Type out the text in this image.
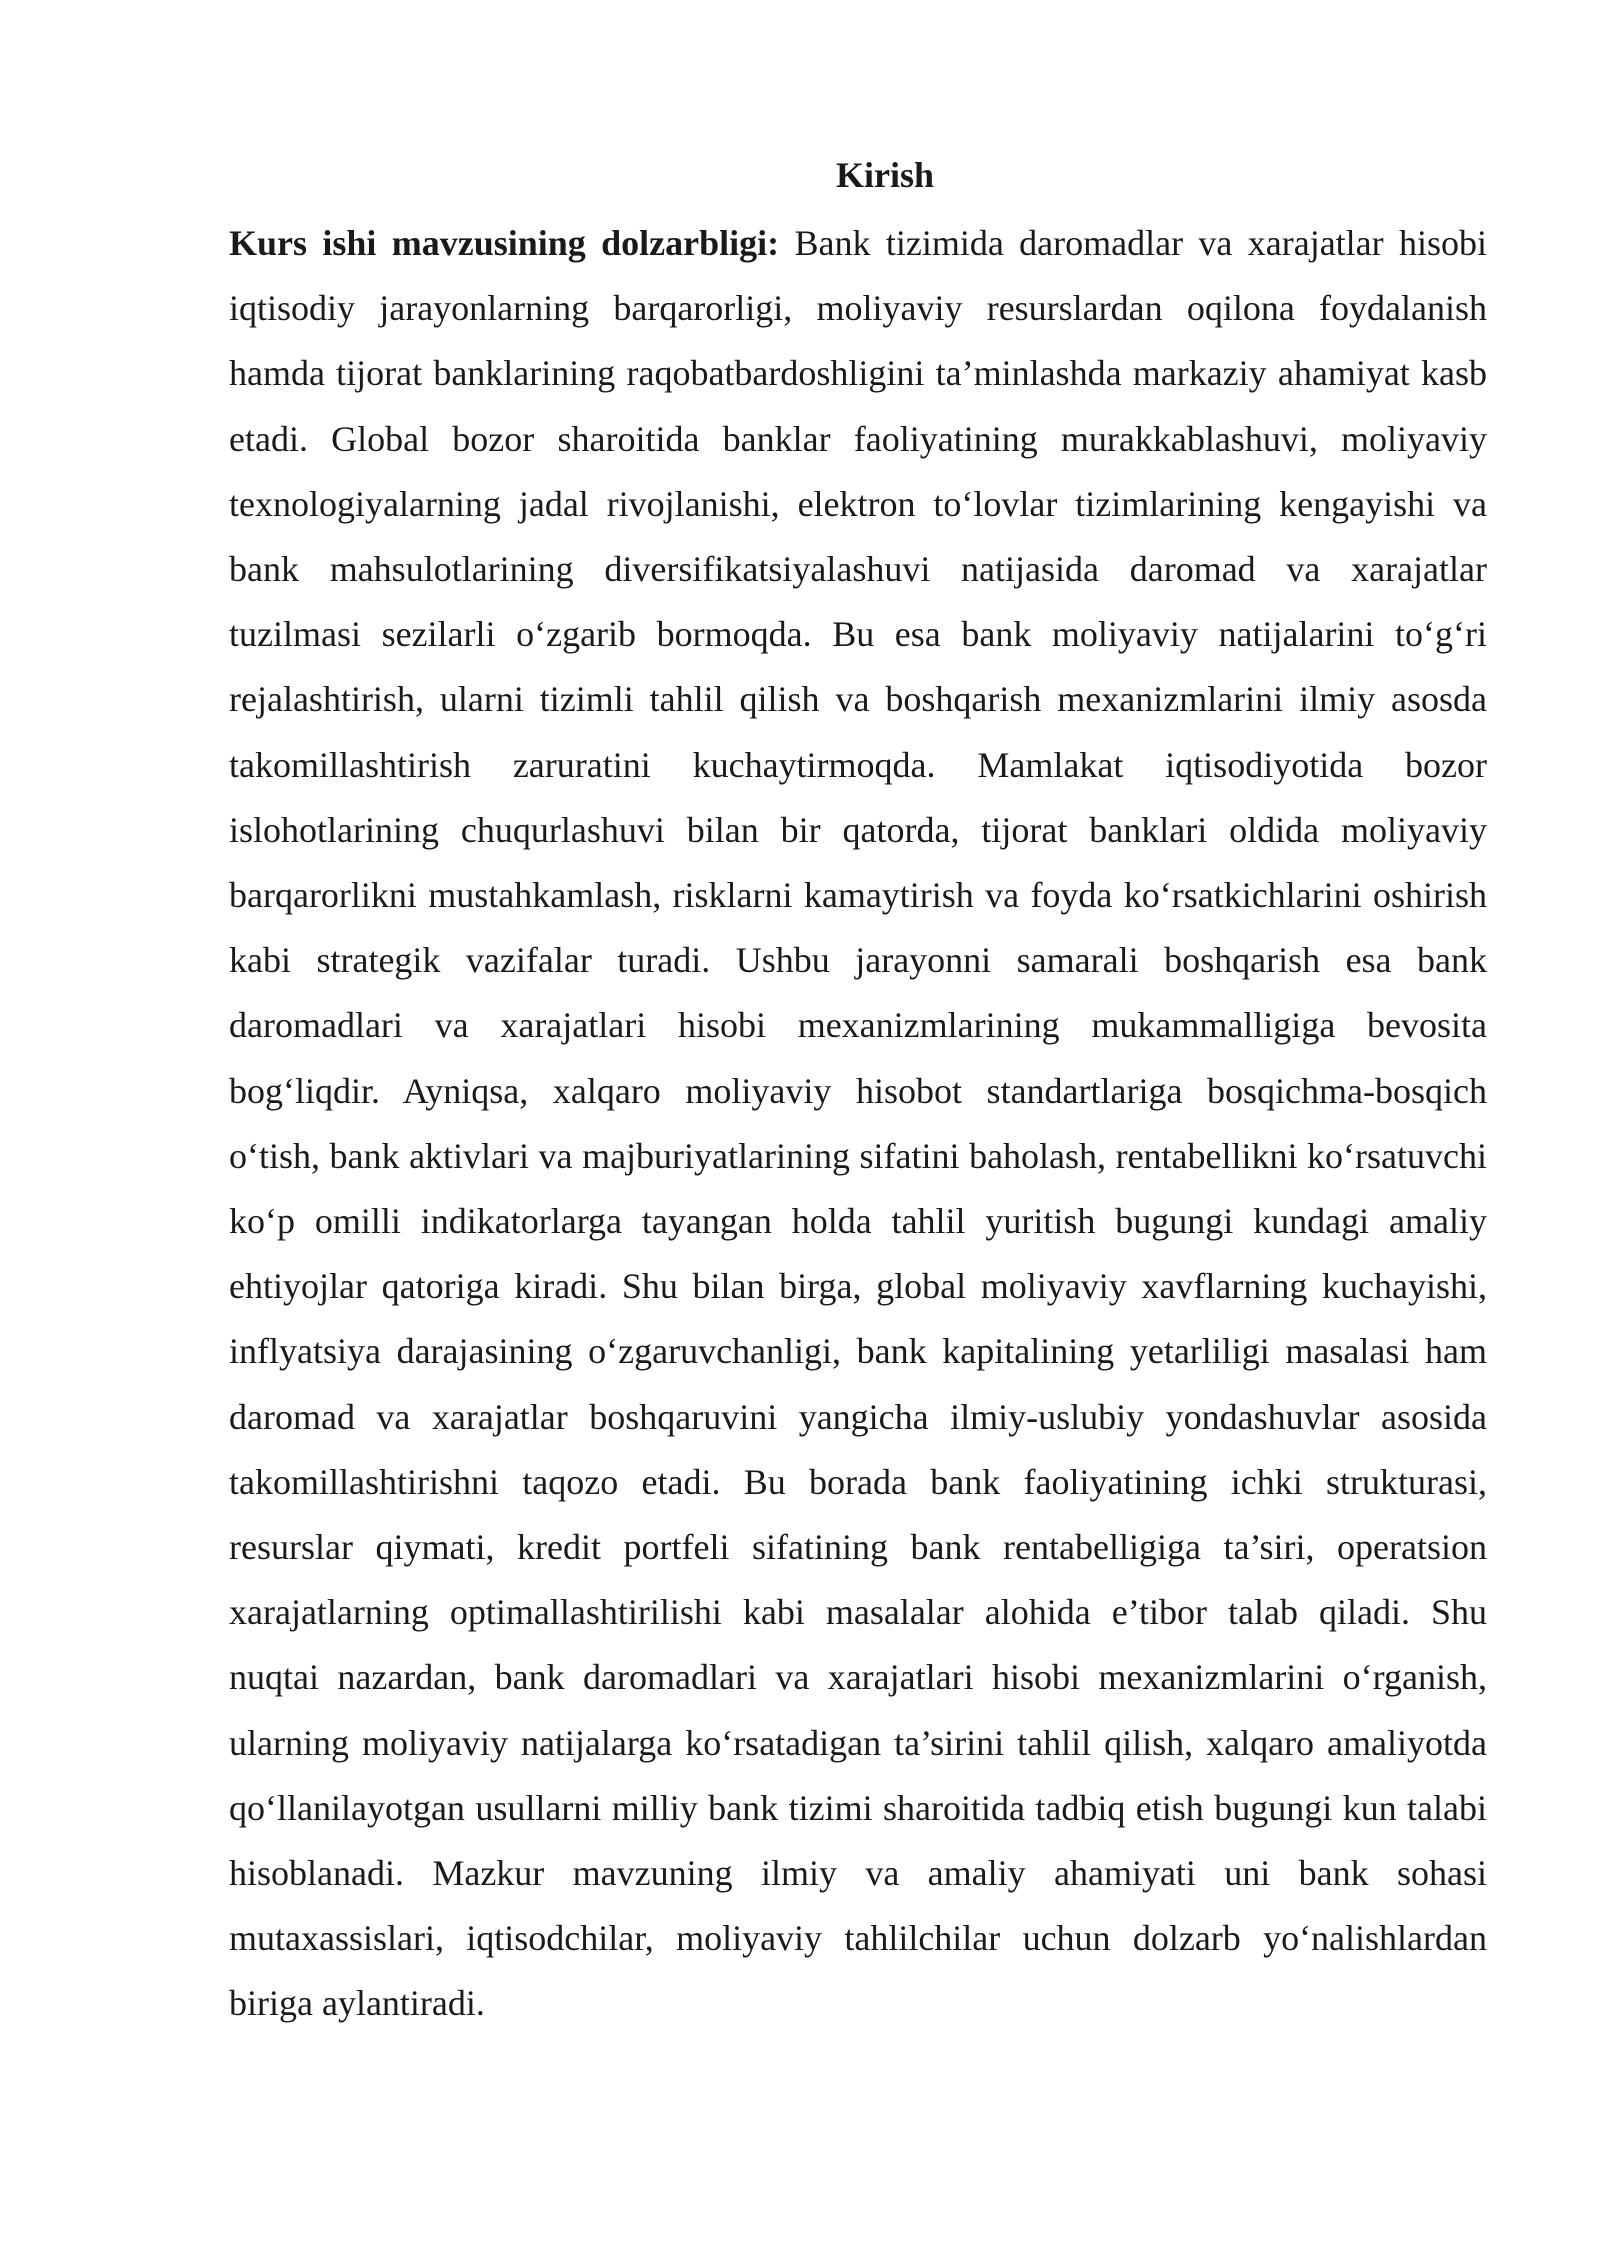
Kirish

Kurs ishi mavzusining dolzarbligi: Bank tizimida daromadlar va xarajatlar hisobi iqtisodiy jarayonlarning barqarorligi, moliyaviy resurslardan oqilona foydalanish hamda tijorat banklarining raqobatbardoshligini ta’minlashda markaziy ahamiyat kasb etadi. Global bozor sharoitida banklar faoliyatining murakkablashuvi, moliyaviy texnologiyalarning jadal rivojlanishi, elektron to‘lovlar tizimlarining kengayishi va bank mahsulotlarining diversifikatsiyalashuvi natijasida daromad va xarajatlar tuzilmasi sezilarli o‘zgarib bormoqda. Bu esa bank moliyaviy natijalarini to‘g‘ri rejalashtirish, ularni tizimli tahlil qilish va boshqarish mexanizmlarini ilmiy asosda takomillashtirish zaruratini kuchaytirmoqda. Mamlakat iqtisodiyotida bozor islohotlarining chuqurlashuvi bilan bir qatorda, tijorat banklari oldida moliyaviy barqarorlikni mustahkamlash, risklarni kamaytirish va foyda ko‘rsatkichlarini oshirish kabi strategik vazifalar turadi. Ushbu jarayonni samarali boshqarish esa bank daromadlari va xarajatlari hisobi mexanizmlarining mukammalligiga bevosita bog‘liqdir. Ayniqsa, xalqaro moliyaviy hisobot standartlariga bosqichma-bosqich o‘tish, bank aktivlari va majburiyatlarining sifatini baholash, rentabellikni ko‘rsatuvchi ko‘p omilli indikatorlarga tayangan holda tahlil yuritish bugungi kundagi amaliy ehtiyojlar qatoriga kiradi. Shu bilan birga, global moliyaviy xavflarning kuchayishi, inflyatsiya darajasining o‘zgaruvchanligi, bank kapitalining yetarliligi masalasi ham daromad va xarajatlar boshqaruvini yangicha ilmiy-uslubiy yondashuvlar asosida takomillashtirishni taqozo etadi. Bu borada bank faoliyatining ichki strukturasi, resurslar qiymati, kredit portfeli sifatining bank rentabelligiga ta’siri, operatsion xarajatlarning optimallashtirilishi kabi masalalar alohida e’tibor talab qiladi. Shu nuqtai nazardan, bank daromadlari va xarajatlari hisobi mexanizmlarini o‘rganish, ularning moliyaviy natijalarga ko‘rsatadigan ta’sirini tahlil qilish, xalqaro amaliyotda qo‘llanilayotgan usullarni milliy bank tizimi sharoitida tadbiq etish bugungi kun talabi hisoblanadi. Mazkur mavzuning ilmiy va amaliy ahamiyati uni bank sohasi mutaxassislari, iqtisodchilar, moliyaviy tahlilchilar uchun dolzarb yo‘nalishlardan biriga aylantiradi.
